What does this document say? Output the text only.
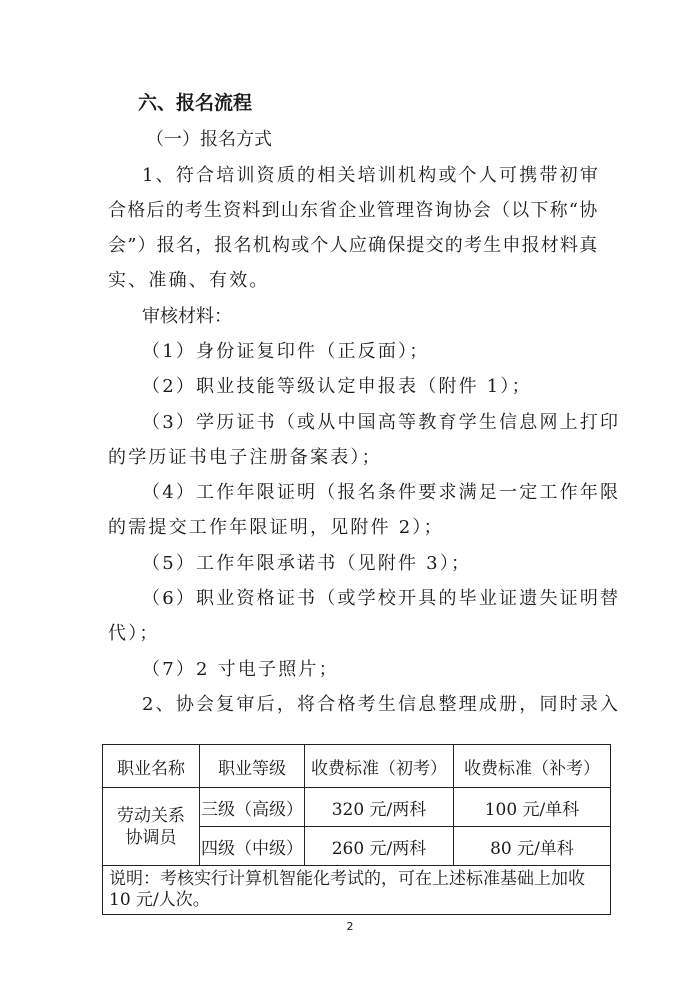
六、报名流程
（一）报名方式
1、符合培训资质的相关培训机构或个人可携带初审
合格后的考生资料到山东省企业管理咨询协会（以下称“协
会”）报名，报名机构或个人应确保提交的考生申报材料真
实、准确、有效。
审核材料：
（1）身份证复印件（正反面）；
（2）职业技能等级认定申报表（附件 1）；
（3）学历证书（或从中国高等教育学生信息网上打印
的学历证书电子注册备案表）；
（4）工作年限证明（报名条件要求满足一定工作年限
的需提交工作年限证明，见附件 2）；
（5）工作年限承诺书（见附件 3）；
（6）职业资格证书（或学校开具的毕业证遗失证明替
代）；
（7）2 寸电子照片；
2、协会复审后，将合格考生信息整理成册，同时录入
职业名称	职业等级	收费标准（初考）	收费标准（补考）
劳动关系协调员	三级（高级）	320 元/两科	100 元/单科
	四级（中级）	260 元/两科	80 元/单科
说明：考核实行计算机智能化考试的，可在上述标准基础上加收 10 元/人次。			
2
